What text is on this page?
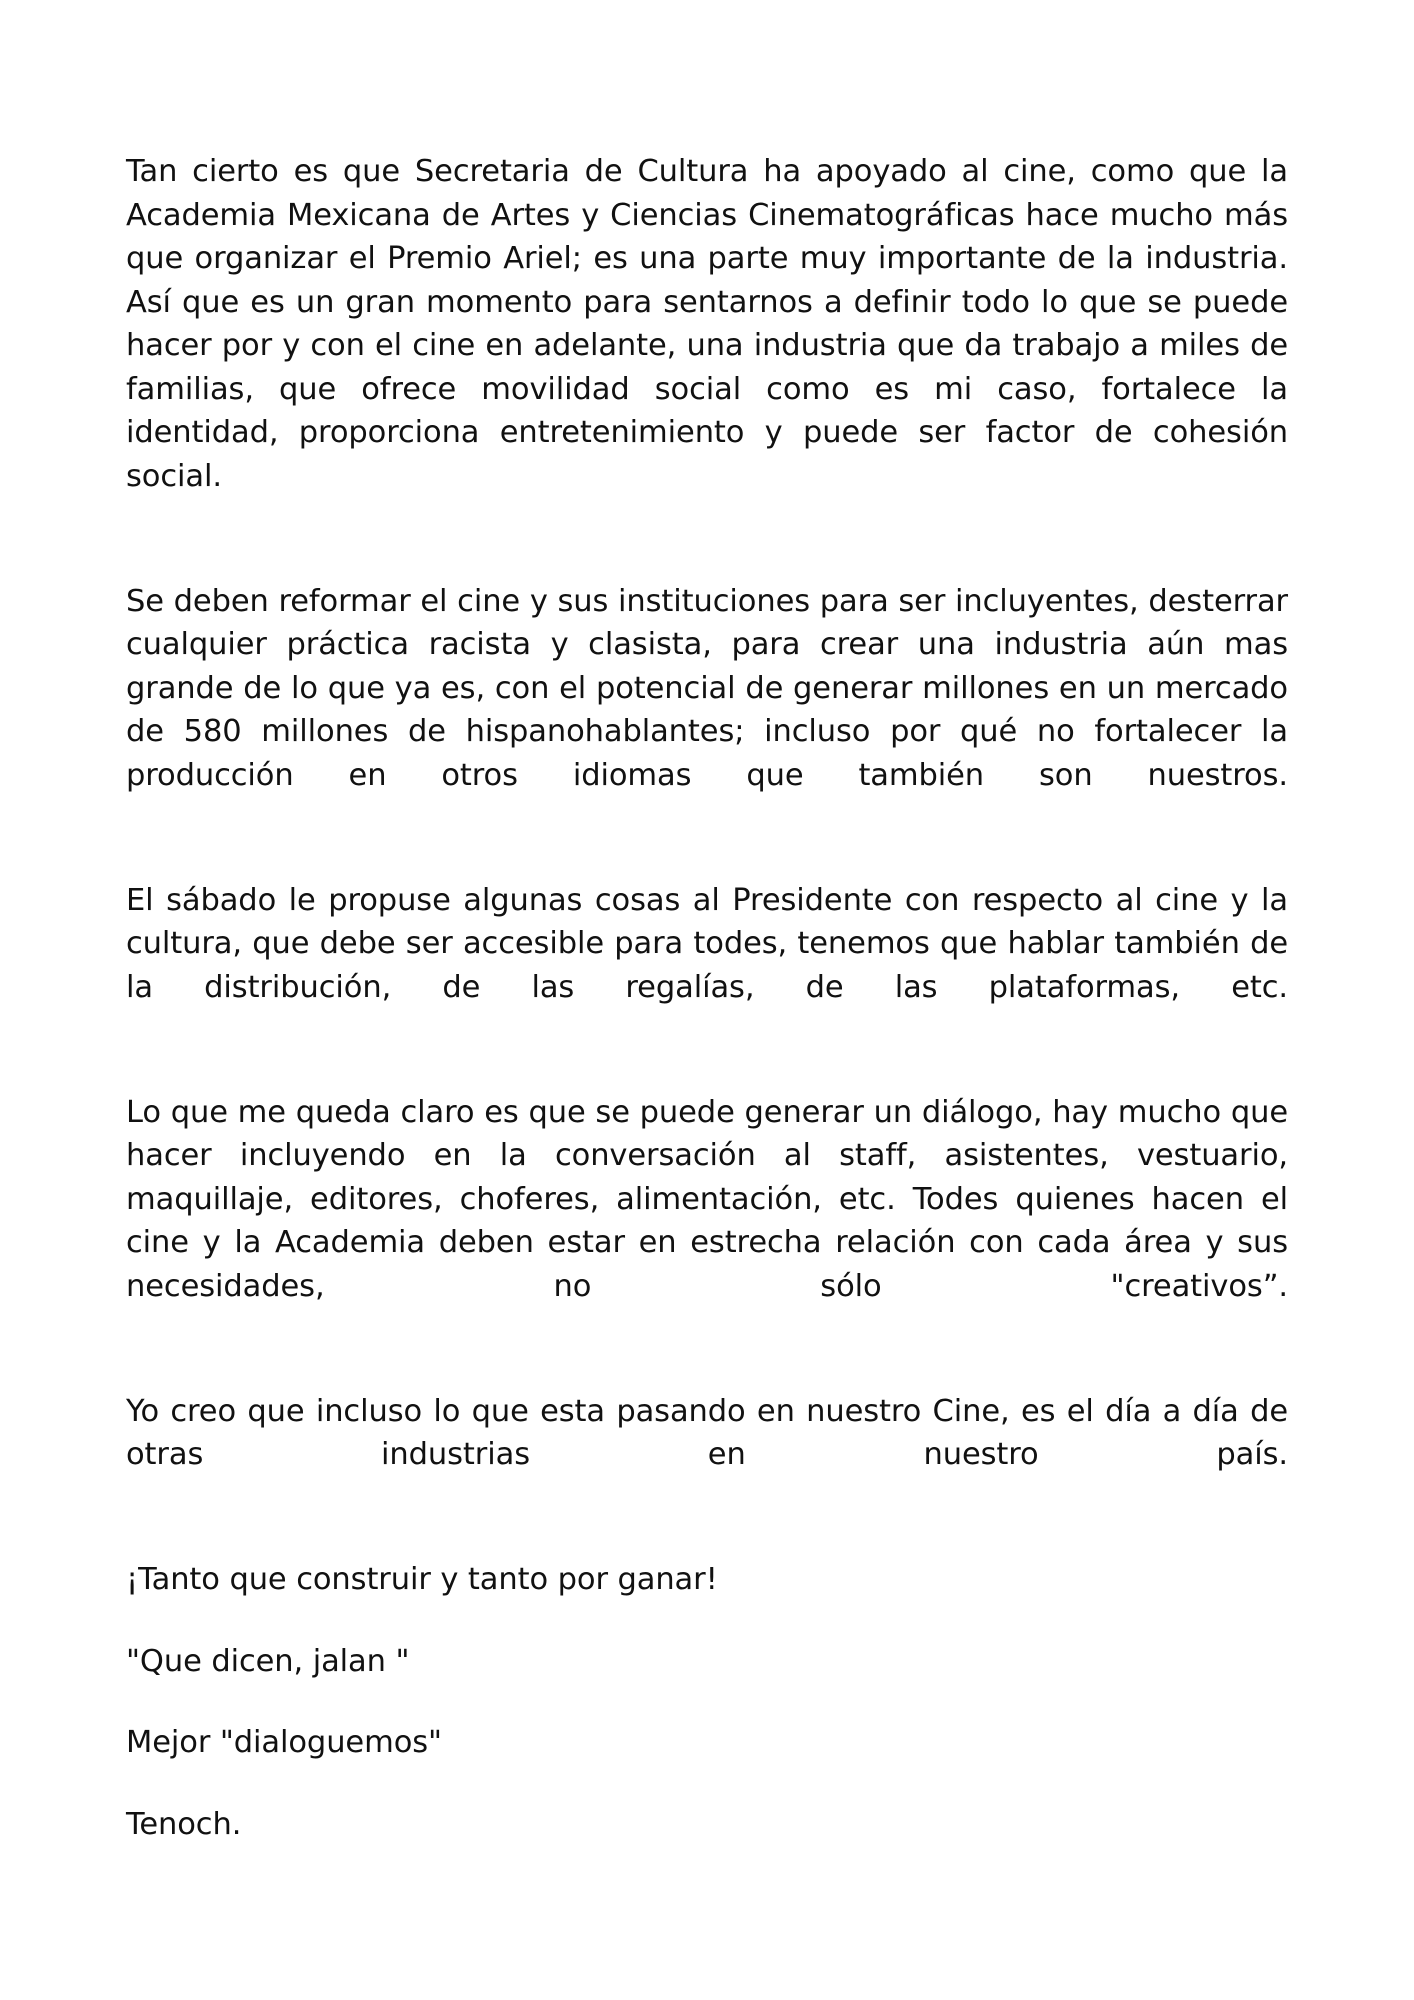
Tan cierto es que Secretaria de Cultura ha apoyado al cine, como que la Academia Mexicana de Artes y Ciencias Cinematográficas hace mucho más que organizar el Premio Ariel; es una parte muy importante de la industria. Así que es un gran momento para sentarnos a definir todo lo que se puede hacer por y con el cine en adelante, una industria que da trabajo a miles de familias, que ofrece movilidad social como es mi caso, fortalece la identidad, proporciona entretenimiento y puede ser factor de cohesión social.

Se deben reformar el cine y sus instituciones para ser incluyentes, desterrar cualquier práctica racista y clasista, para crear una industria aún mas grande de lo que ya es, con el potencial de generar millones en un mercado de 580 millones de hispanohablantes; incluso por qué no fortalecer la producción en otros idiomas que también son nuestros.

El sábado le propuse algunas cosas al Presidente con respecto al cine y la cultura, que debe ser accesible para todes, tenemos que hablar también de la distribución, de las regalías, de las plataformas, etc.

Lo que me queda claro es que se puede generar un diálogo, hay mucho que hacer incluyendo en la conversación al staff, asistentes, vestuario, maquillaje, editores, choferes, alimentación, etc. Todes quienes hacen el cine y la Academia deben estar en estrecha relación con cada área y sus necesidades, no sólo "creativos”.

Yo creo que incluso lo que esta pasando en nuestro Cine, es el día a día de otras industrias en nuestro país.

¡Tanto que construir y tanto por ganar!

"Que dicen, jalan "

Mejor "dialoguemos"

Tenoch.
